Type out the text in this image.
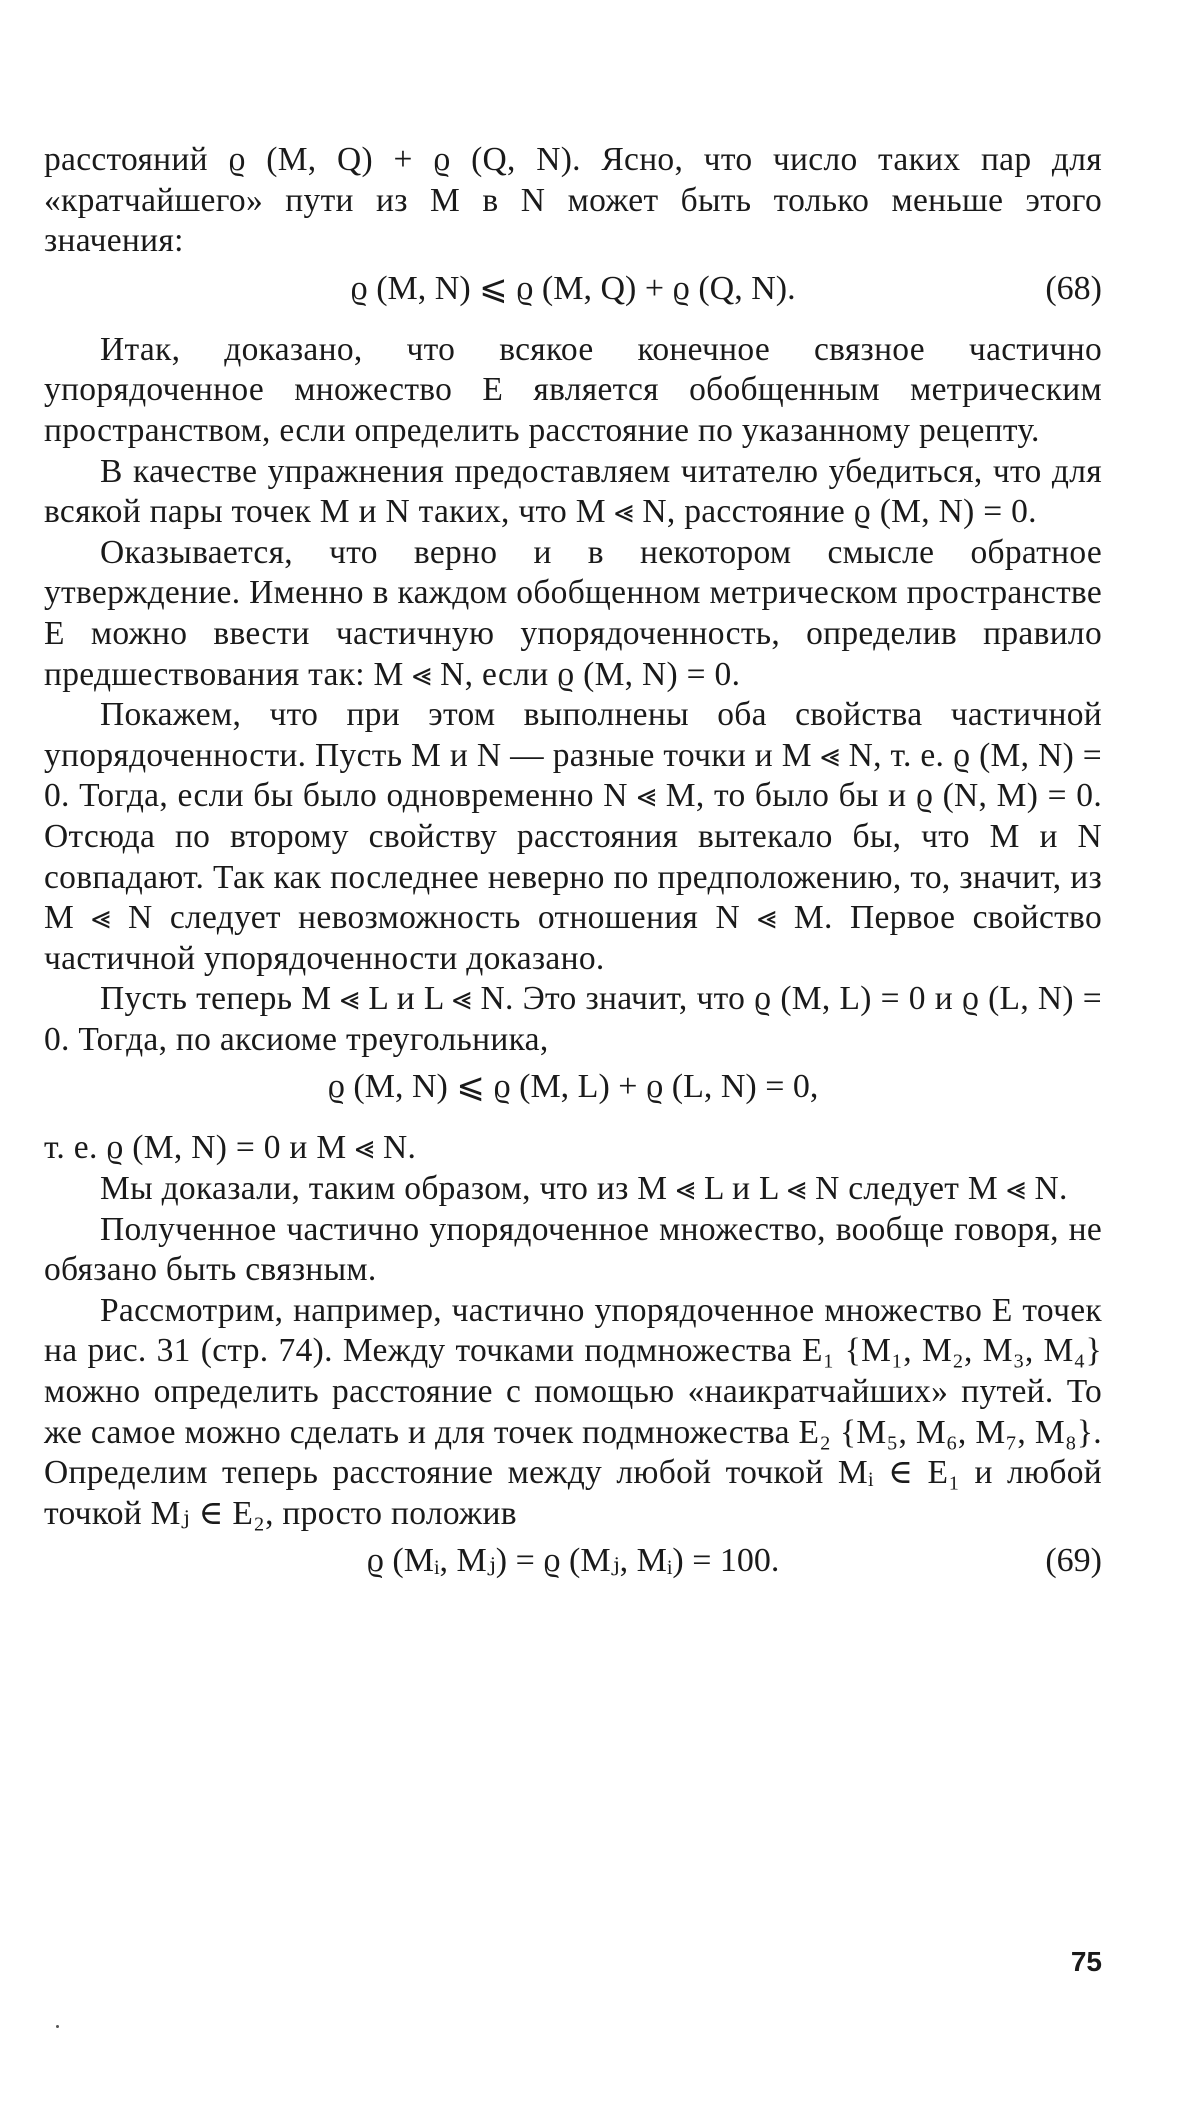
расстояний ϱ (M, Q) + ϱ (Q, N). Ясно, что число таких пар для «кратчайшего» пути из M в N может быть только меньше этого значения:

ϱ (M, N) ⩽ ϱ (M, Q) + ϱ (Q, N).	(68)

Итак, доказано, что всякое конечное связное частично упорядоченное множество E является обобщенным метрическим пространством, если определить расстояние по указанному рецепту.

В качестве упражнения предоставляем читателю убедиться, что для всякой пары точек M и N таких, что M ⪡ N, расстояние ϱ (M, N) = 0.

Оказывается, что верно и в некотором смысле обратное утверждение. Именно в каждом обобщенном метрическом пространстве E можно ввести частичную упорядоченность, определив правило предшествования так: M ⪡ N, если ϱ (M, N) = 0.

Покажем, что при этом выполнены оба свойства частичной упорядоченности. Пусть M и N — разные точки и M ⪡ N, т. е. ϱ (M, N) = 0. Тогда, если бы было одновременно N ⪡ M, то было бы и ϱ (N, M) = 0. Отсюда по второму свойству расстояния вытекало бы, что M и N совпадают. Так как последнее неверно по предположению, то, значит, из M ⪡ N следует невозможность отношения N ⪡ M. Первое свойство частичной упорядоченности доказано.

Пусть теперь M ⪡ L и L ⪡ N. Это значит, что ϱ (M, L) = 0 и ϱ (L, N) = 0. Тогда, по аксиоме треугольника,

ϱ (M, N) ⩽ ϱ (M, L) + ϱ (L, N) = 0,

т. е. ϱ (M, N) = 0 и M ⪡ N.

Мы доказали, таким образом, что из M ⪡ L и L ⪡ N следует M ⪡ N.

Полученное частично упорядоченное множество, вообще говоря, не обязано быть связным.

Рассмотрим, например, частично упорядоченное множество E точек на рис. 31 (стр. 74). Между точками подмножества E₁ {M₁, M₂, M₃, M₄} можно определить расстояние с помощью «наикратчайших» путей. То же самое можно сделать и для точек подмножества E₂ {M₅, M₆, M₇, M₈}. Определим теперь расстояние между любой точкой Mᵢ ∈ E₁ и любой точкой Mⱼ ∈ E₂, просто положив

ϱ (Mᵢ, Mⱼ) = ϱ (Mⱼ, Mᵢ) = 100.	(69)
75
